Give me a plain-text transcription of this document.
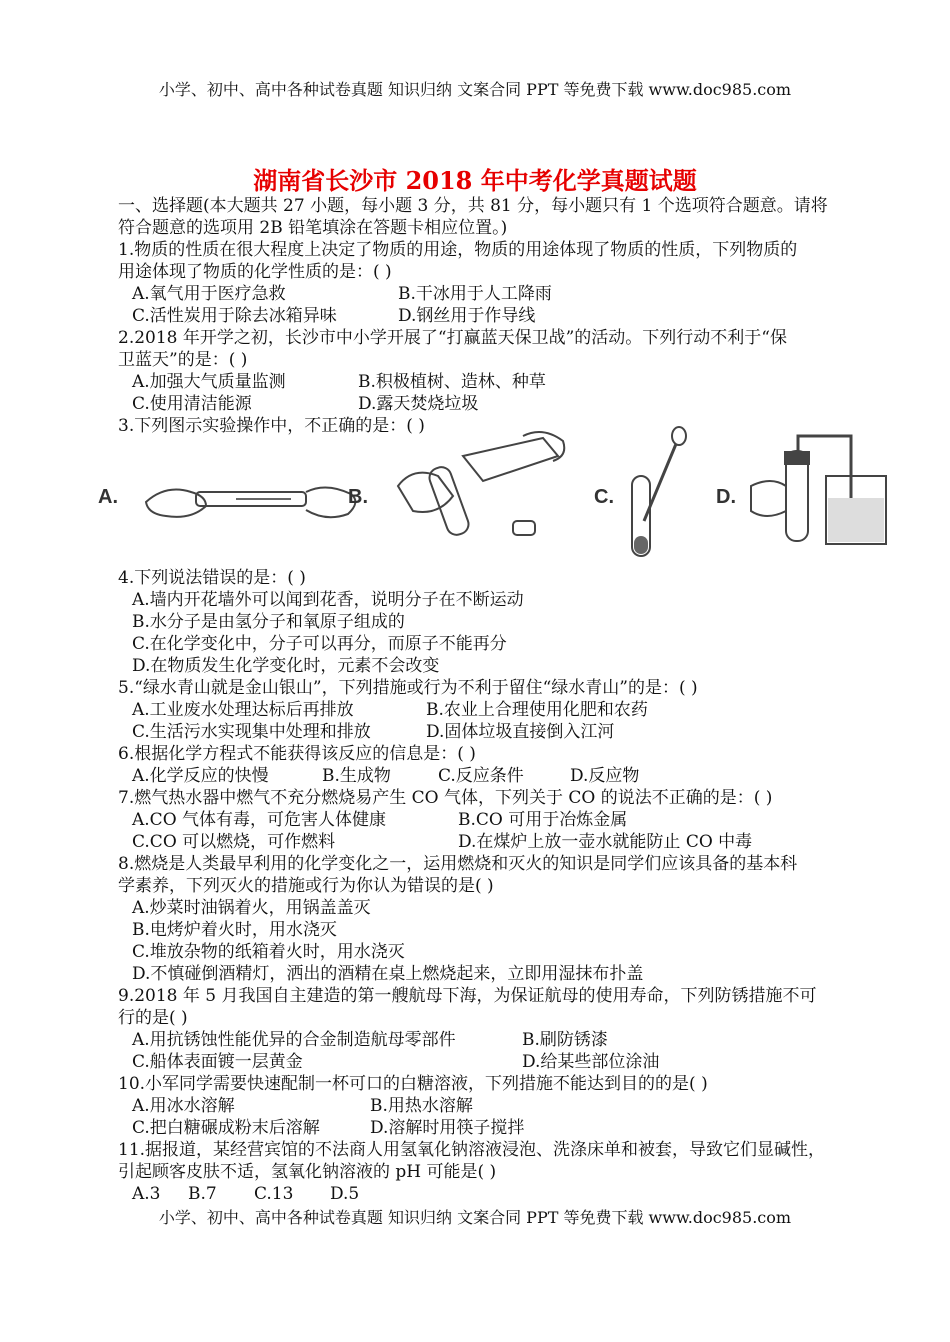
小学、初中、高中各种试卷真题 知识归纳 文案合同 PPT 等免费下载 www.doc985.com
湖南省长沙市 2018 年中考化学真题试题
一、选择题(本大题共 27 小题，每小题 3 分，共 81 分，每小题只有 1 个选项符合题意。请将
符合题意的选项用 2B 铅笔填涂在答题卡相应位置。)
1.物质的性质在很大程度上决定了物质的用途，物质的用途体现了物质的性质，下列物质的
用途体现了物质的化学性质的是：( )
A.氧气用于医疗急救	B.干冰用于人工降雨
C.活性炭用于除去冰箱异味	D.钢丝用于作导线
2.2018 年开学之初，长沙市中小学开展了“打赢蓝天保卫战”的活动。下列行动不利于“保
卫蓝天”的是：( )
A.加强大气质量监测	B.积极植树、造林、种草
C.使用清洁能源	D.露天焚烧垃圾
3.下列图示实验操作中，不正确的是：( )
A.	B.	C.	D.
4.下列说法错误的是：( )
A.墙内开花墙外可以闻到花香，说明分子在不断运动
B.水分子是由氢分子和氧原子组成的
C.在化学变化中，分子可以再分，而原子不能再分
D.在物质发生化学变化时，元素不会改变
5.“绿水青山就是金山银山”，下列措施或行为不利于留住“绿水青山”的是：( )
A.工业废水处理达标后再排放	B.农业上合理使用化肥和农药
C.生活污水实现集中处理和排放	D.固体垃圾直接倒入江河
6.根据化学方程式不能获得该反应的信息是：( )
A.化学反应的快慢	B.生成物	C.反应条件	D.反应物
7.燃气热水器中燃气不充分燃烧易产生 CO 气体，下列关于 CO 的说法不正确的是：( )
A.CO 气体有毒，可危害人体健康	B.CO 可用于冶炼金属
C.CO 可以燃烧，可作燃料	D.在煤炉上放一壶水就能防止 CO 中毒
8.燃烧是人类最早利用的化学变化之一，运用燃烧和灭火的知识是同学们应该具备的基本科
学素养，下列灭火的措施或行为你认为错误的是( )
A.炒菜时油锅着火，用锅盖盖灭
B.电烤炉着火时，用水浇灭
C.堆放杂物的纸箱着火时，用水浇灭
D.不慎碰倒酒精灯，洒出的酒精在桌上燃烧起来，立即用湿抹布扑盖
9.2018 年 5 月我国自主建造的第一艘航母下海，为保证航母的使用寿命，下列防锈措施不可
行的是( )
A.用抗锈蚀性能优异的合金制造航母零部件	B.刷防锈漆
C.船体表面镀一层黄金	D.给某些部位涂油
10.小军同学需要快速配制一杯可口的白糖溶液，下列措施不能达到目的的是( )
A.用冰水溶解	B.用热水溶解
C.把白糖碾成粉末后溶解	D.溶解时用筷子搅拌
11.据报道，某经营宾馆的不法商人用氢氧化钠溶液浸泡、洗涤床单和被套，导致它们显碱性，
引起顾客皮肤不适，氢氧化钠溶液的 pH 可能是( )
A.3 B.7 C.13 D.5
小学、初中、高中各种试卷真题 知识归纳 文案合同 PPT 等免费下载 www.doc985.com
